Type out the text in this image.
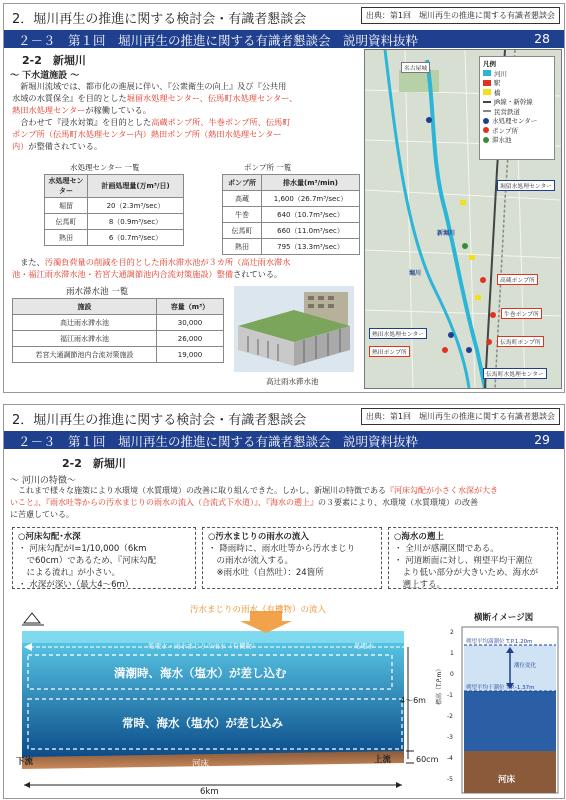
2．堀川再生の推進に関する検討会・有識者懇談会	出典：第1回　堀川再生の推進に関する有識者懇談会
２－３　第１回　堀川再生の推進に関する有識者懇談会　説明資料抜粋	28
2-2　新堀川
～ 下水道施設 ～
　新堀川流域では、都市化の進展に伴い、『公衆衛生の向上』及び『公共用
水域の水質保全』を目的とした堀留水処理センター、伝馬町水処理センター、
熱田水処理センターが稼働している。
　合わせて『浸水対策』を目的とした高蔵ポンプ所、牛巻ポンプ所、伝馬町
ポンプ所（伝馬町水処理センター内）熱田ポンプ所（熱田水処理センター
内）が整備されている。
水処理センター 一覧
水処理センター	計画処理量(万m³/日)
堀留	20（2.3m³/sec）
伝馬町	8（0.9m³/sec）
熱田	6（0.7m³/sec）
ポンプ所 一覧
ポンプ所	排水量(m³/min)
高蔵	1,600（26.7m³/sec）
牛巻	640（10.7m³/sec）
伝馬町	660（11.0m³/sec）
熱田	795（13.3m³/sec）
　また、汚濁負荷量の削減を目的とした雨水滞水池が３カ所（高辻雨水滞水
池・福江雨水滞水池・若宮大通調節池内合流対策施設）整備されている。
雨水滞水池 一覧
施設	容量（m³）
高辻雨水滞水池	30,000
福江雨水滞水池	26,000
若宮大通調節池内合流対策施設	19,000
高辻雨水滞水池
凡例
河川
駅
橋
JR線・新幹線
民営鉄道
水処理センター
ポンプ所
滞水池
名古屋城
堀留水処理センター
高蔵ポンプ所
牛巻ポンプ所
伝馬町ポンプ所
伝馬町水処理センター
熱田水処理センター
熱田ポンプ所
新堀川
堀川
2．堀川再生の推進に関する検討会・有識者懇談会	出典：第1回　堀川再生の推進に関する有識者懇談会
２－３　第１回　堀川再生の推進に関する有識者懇談会　説明資料抜粋	29
2-2　新堀川
～ 河川の特徴～
　これまで様々な施策により水環境（水質環境）の改善に取り組んできた。しかし、新堀川の特徴である『河床勾配が小さく水深が大き
いこと』、『雨水吐等からの汚水まじりの雨水の流入（合流式下水道）』、『海水の遡上』の３要素により、水環境（水質環境）の改善
に苦慮している。
○河床勾配･水深
・ 河床勾配がI=1/10,000（6km
　で60cm）であるため、『河床勾配
　による流れ』が小さい。
・ 水深が深い（最大4～6m）
○汚水まじりの雨水の流入
・ 降雨時に、雨水吐等から汚水まじり
　の雨水が流入する。
　※雨水吐（自然吐）：24箇所
○海水の遡上
・ 全川が感潮区間である。
・ 河道断面に対し、朔望平均干潮位
　より低い部分が大きいため、海水が
　遡上する。
汚水まじりの雨水（有機物）の流入
処理水・雨水まじりの雨水（有機物）	処理水
満潮時、海水（塩水）が差し込む
常時、海水（塩水）が差し込み
4～6m
60cm
下流	河床	上流
6km
横断イメージ図
2
1
0
-1
-2
-3
-4
-5
標高（T.P.m）
朔望平均満潮位 T.P.1.20m
潮位変化
朔望平均干潮位 T.P.-1.37m
河床
